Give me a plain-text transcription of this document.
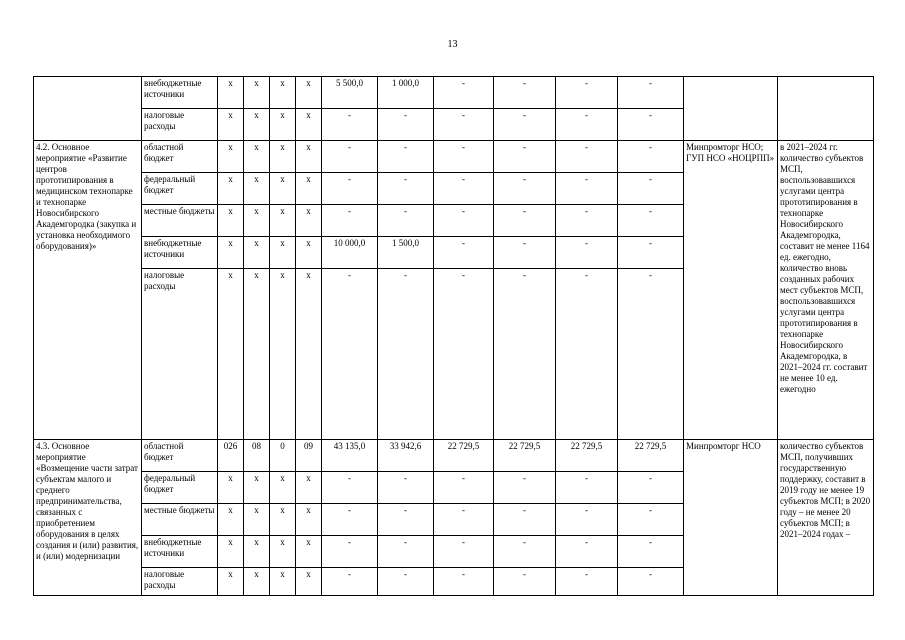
13
	внебюджетные источники	x	x	x	x	5 500,0	1 000,0	-	-	-	-		
	налоговые расходы	x	x	x	x	-	-	-	-	-	-		
4.2. Основное мероприятие «Развитие центров прототипирования в медицинском технопарке и технопарке Новосибирского Академгородка (закупка и установка необходимого оборудования)»	областной бюджет	x	x	x	x	-	-	-	-	-	-	Минпромторг НСО; ГУП НСО «НОЦРПП»	в 2021–2024 гг. количество субъектов МСП, воспользовавшихся услугами центра прототипирования в технопарке Новосибирского Академгородка, составит не менее 1164 ед. ежегодно, количество вновь созданных рабочих мест субъектов МСП, воспользовавшихся услугами центра прототипирования в технопарке Новосибирского Академгородка, в 2021–2024 гг. составит не менее 10 ед. ежегодно
	федеральный бюджет	x	x	x	x	-	-	-	-	-	-		
	местные бюджеты	x	x	x	x	-	-	-	-	-	-		
	внебюджетные источники	x	x	x	x	10 000,0	1 500,0	-	-	-	-		
	налоговые расходы	x	x	x	x	-	-	-	-	-	-		
4.3. Основное мероприятие «Возмещение части затрат субъектам малого и среднего предпринимательства, связанных с приобретением оборудования в целях создания и (или) развития, и (или) модернизации	областной бюджет	026	08	0	09	43 135,0	33 942,6	22 729,5	22 729,5	22 729,5	22 729,5	Минпромторг НСО	количество субъектов МСП, получивших государственную поддержку, составит в 2019 году не менее 19 субъектов МСП; в 2020 году – не менее 20 субъектов МСП; в 2021–2024 годах –
	федеральный бюджет	x	x	x	x	-	-	-	-	-	-		
	местные бюджеты	x	x	x	x	-	-	-	-	-	-		
	внебюджетные источники	x	x	x	x	-	-	-	-	-	-		
	налоговые расходы	x	x	x	x	-	-	-	-	-	-		
